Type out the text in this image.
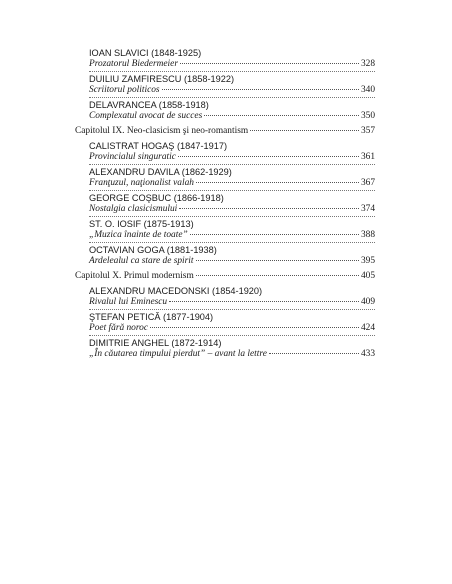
IOAN SLAVICI (1848-1925)
Prozatorul Biedermeier	328
DUILIU ZAMFIRESCU (1858-1922)
Scriitorul politicos	340
DELAVRANCEA (1858-1918)
Complexatul avocat de succes	350
Capitolul IX. Neo-clasicism şi neo-romantism	357
CALISTRAT HOGAŞ (1847-1917)
Provincialul singuratic	361
ALEXANDRU DAVILA (1862-1929)
Franţuzul, naţionalist valah	367
GEORGE COŞBUC (1866-1918)
Nostalgia clasicismului	374
ST. O. IOSIF (1875-1913)
„Muzica înainte de toate”	388
OCTAVIAN GOGA (1881-1938)
Ardelealul ca stare de spirit	395
Capitolul X. Primul modernism	405
ALEXANDRU MACEDONSKI (1854-1920)
Rivalul lui Eminescu	409
ŞTEFAN PETICĂ (1877-1904)
Poet fără noroc	424
DIMITRIE ANGHEL (1872-1914)
„În căutarea timpului pierdut” – avant la lettre	433
